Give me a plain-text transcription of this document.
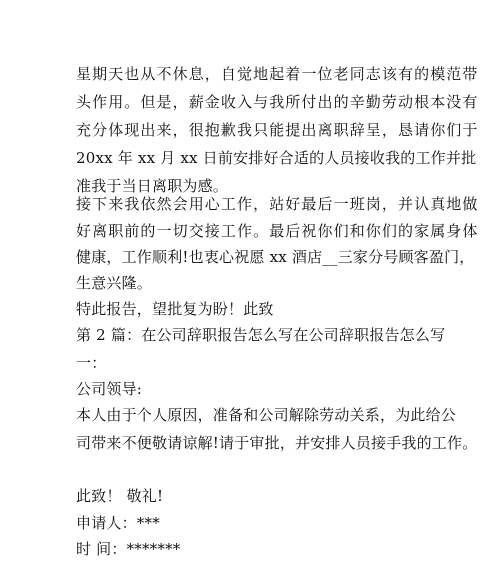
星期天也从不休息，自觉地起着一位老同志该有的模范带
头作用。但是，薪金收入与我所付出的辛勤劳动根本没有
充分体现出来，很抱歉我只能提出离职辞呈，恳请你们于
20xx 年 xx 月 xx 日前安排好合适的人员接收我的工作并批
准我于当日离职为感。
接下来我依然会用心工作，站好最后一班岗，并认真地做
好离职前的一切交接工作。最后祝你们和你们的家属身体
健康，工作顺利!也衷心祝愿 xx 酒店__三家分号顾客盈门，
生意兴隆。
特此报告，望批复为盼！此致
第 2 篇：在公司辞职报告怎么写在公司辞职报告怎么写
一：
公司领导:
本人由于个人原因，准备和公司解除劳动关系，为此给公
司带来不便敬请谅解!请于审批，并安排人员接手我的工作。
此致！ 敬礼!
申请人：***
时 间：*******
